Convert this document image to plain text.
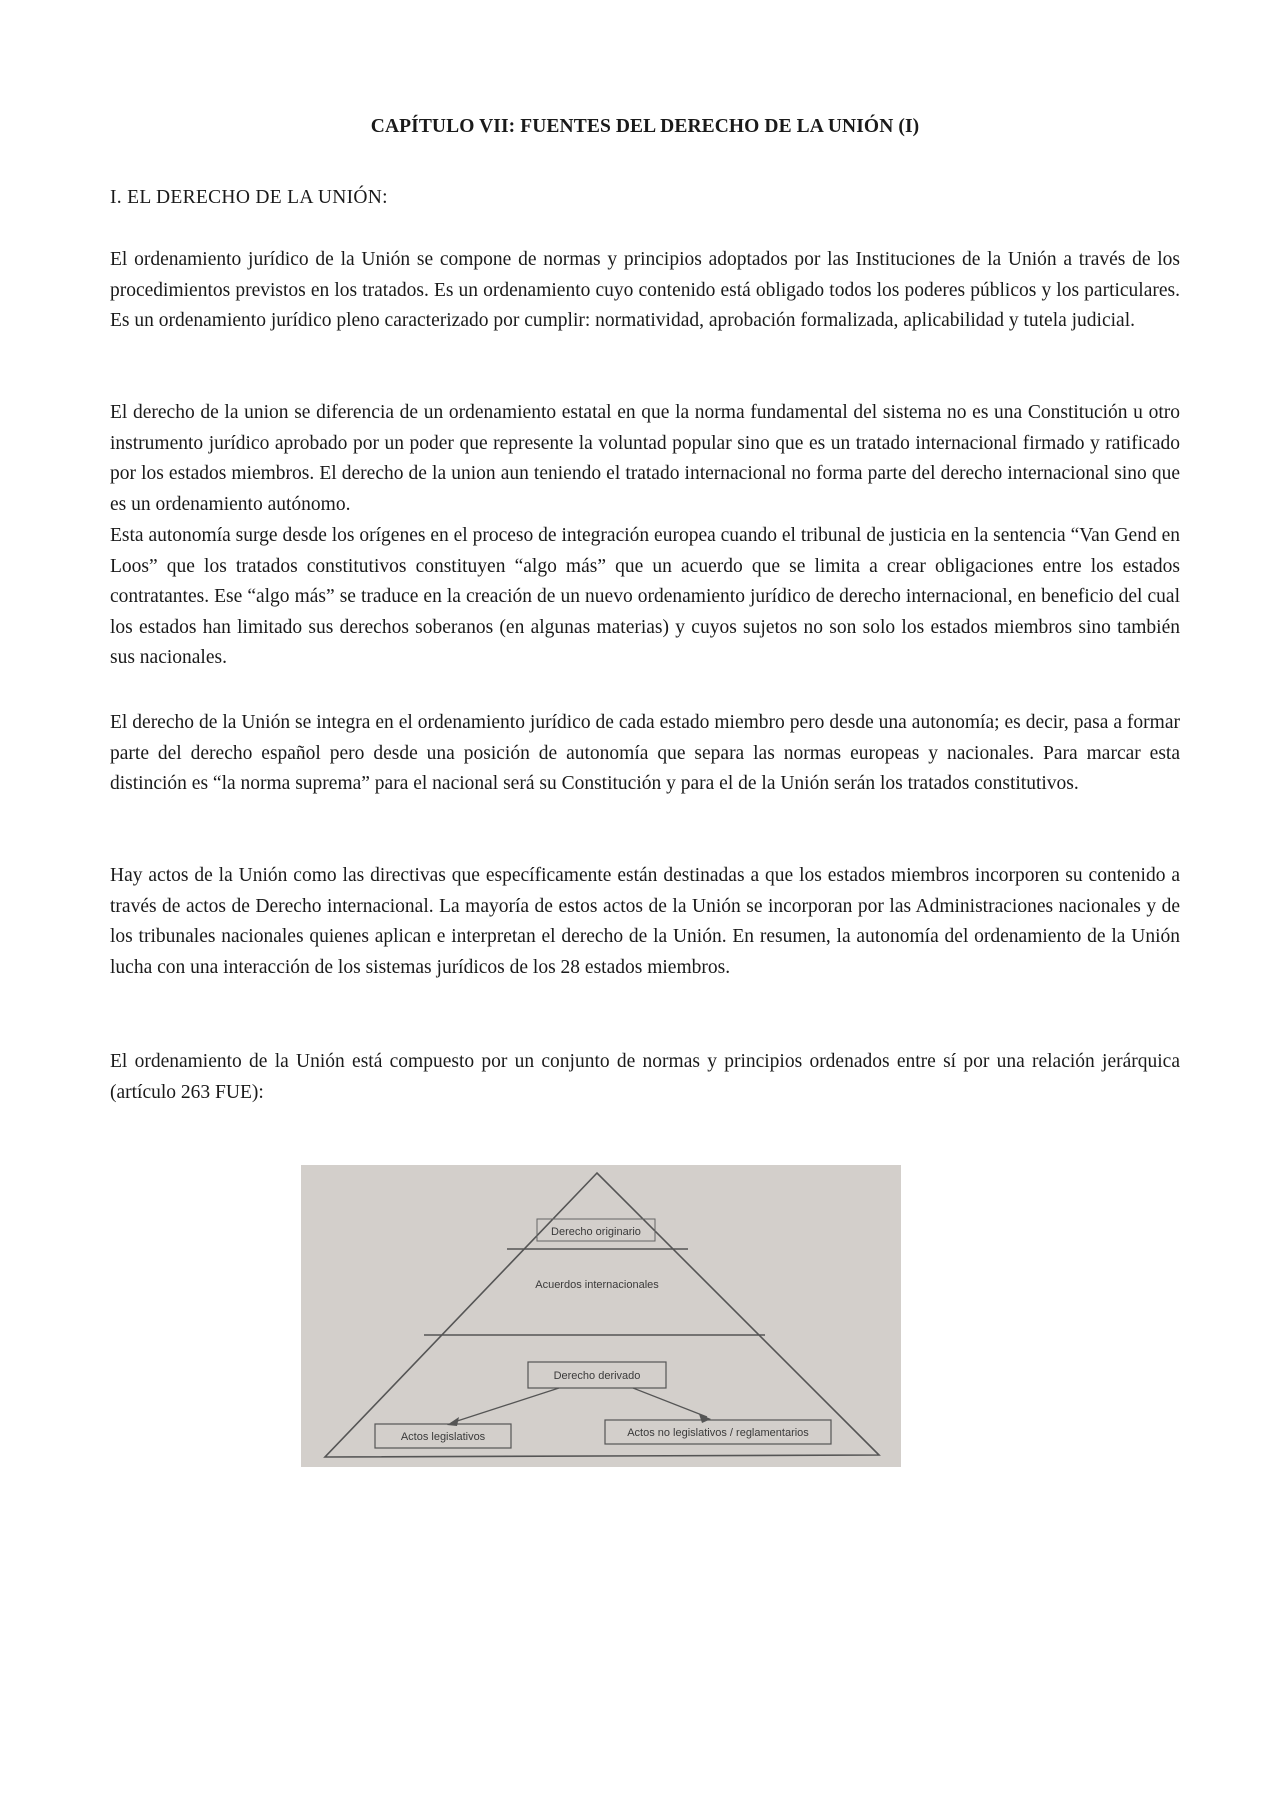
CAPÍTULO VII: FUENTES DEL DERECHO DE LA UNIÓN (I)
I. EL DERECHO DE LA UNIÓN:

El ordenamiento jurídico de la Unión se compone de normas y principios adoptados por las Instituciones de la Unión a través de los procedimientos previstos en los tratados. Es un ordenamiento cuyo contenido está obligado todos los poderes públicos y los particulares. Es un ordenamiento jurídico pleno caracterizado por cumplir: normatividad, aprobación formalizada, aplicabilidad y tutela judicial.

El derecho de la union se diferencia de un ordenamiento estatal en que la norma fundamental del sistema no es una Constitución u otro instrumento jurídico aprobado por un poder que represente la voluntad popular sino que es un tratado internacional firmado y ratificado por los estados miembros. El derecho de la union aun teniendo el tratado internacional no forma parte del derecho internacional sino que es un ordenamiento autónomo.

Esta autonomía surge desde los orígenes en el proceso de integración europea cuando el tribunal de justicia en la sentencia “Van Gend en Loos” que los tratados constitutivos constituyen “algo más” que un acuerdo que se limita a crear obligaciones entre los estados contratantes. Ese “algo más” se traduce en la creación de un nuevo ordenamiento jurídico de derecho internacional, en beneficio del cual los estados han limitado sus derechos soberanos (en algunas materias) y cuyos sujetos no son solo los estados miembros sino también sus nacionales.

El derecho de la Unión se integra en el ordenamiento jurídico de cada estado miembro pero desde una autonomía; es decir, pasa a formar parte del derecho español pero desde una posición de autonomía que separa las normas europeas y nacionales. Para marcar esta distinción es “la norma suprema” para el nacional será su Constitución y para el de la Unión serán los tratados constitutivos.

Hay actos de la Unión como las directivas que específicamente están destinadas a que los estados miembros incorporen su contenido a través de actos de Derecho internacional. La mayoría de estos actos de la Unión se incorporan por las Administraciones nacionales y de los tribunales nacionales quienes aplican e interpretan el derecho de la Unión. En resumen, la autonomía del ordenamiento de la Unión lucha con una interacción de los sistemas jurídicos de los 28 estados miembros.

El ordenamiento de la Unión está compuesto por un conjunto de normas y principios ordenados entre sí por una relación jerárquica (artículo 263 FUE):

Derecho originario
Acuerdos internacionales
Derecho derivado
Actos legislativos	Actos no legislativos / reglamentarios
